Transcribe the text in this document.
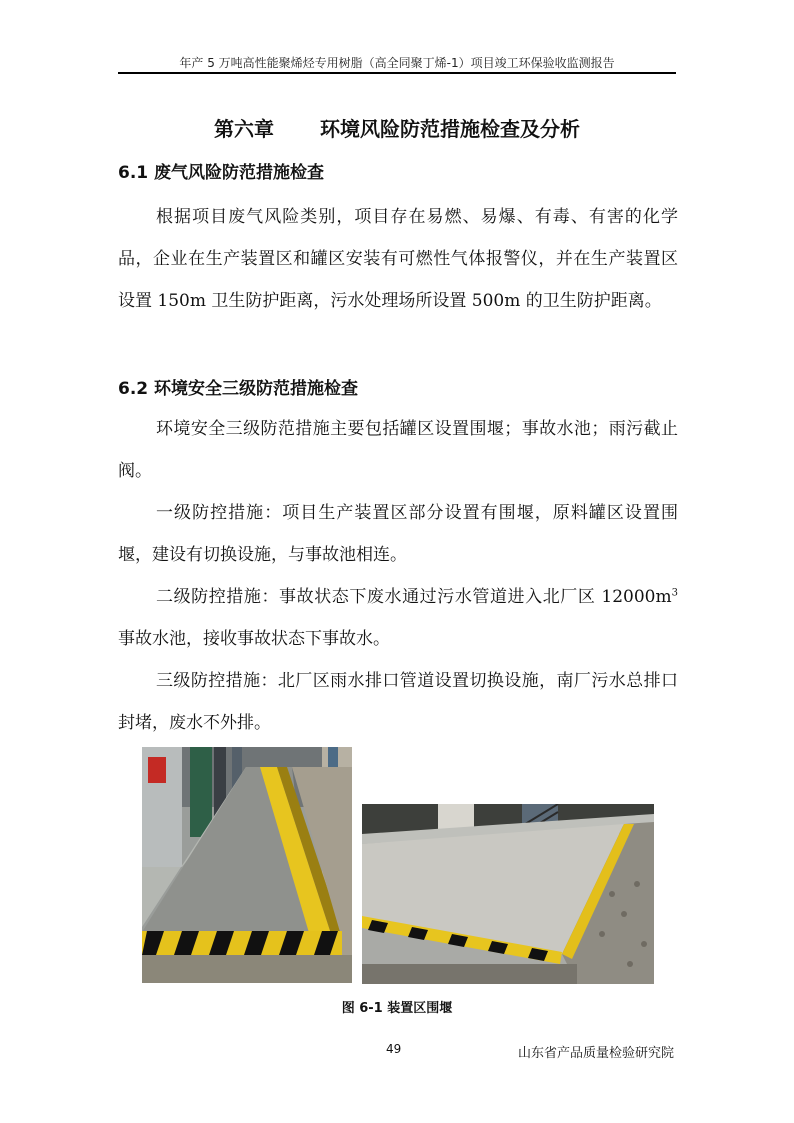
年产 5 万吨高性能聚烯烃专用树脂（高全同聚丁烯-1）项目竣工环保验收监测报告
第六章 环境风险防范措施检查及分析
6.1 废气风险防范措施检查

根据项目废气风险类别，项目存在易燃、易爆、有毒、有害的化学品，企业在生产装置区和罐区安装有可燃性气体报警仪，并在生产装置区设置 150m 卫生防护距离，污水处理场所设置 500m 的卫生防护距离。

6.2 环境安全三级防范措施检查

环境安全三级防范措施主要包括罐区设置围堰；事故水池；雨污截止阀。

一级防控措施：项目生产装置区部分设置有围堰，原料罐区设置围堰，建设有切换设施，与事故池相连。

二级防控措施：事故状态下废水通过污水管道进入北厂区 $12000m^3$ 事故水池，接收事故状态下事故水。

三级防控措施：北厂区雨水排口管道设置切换设施，南厂污水总排口封堵，废水不外排。

图 6-1 装置区围堰
49	山东省产品质量检验研究院
